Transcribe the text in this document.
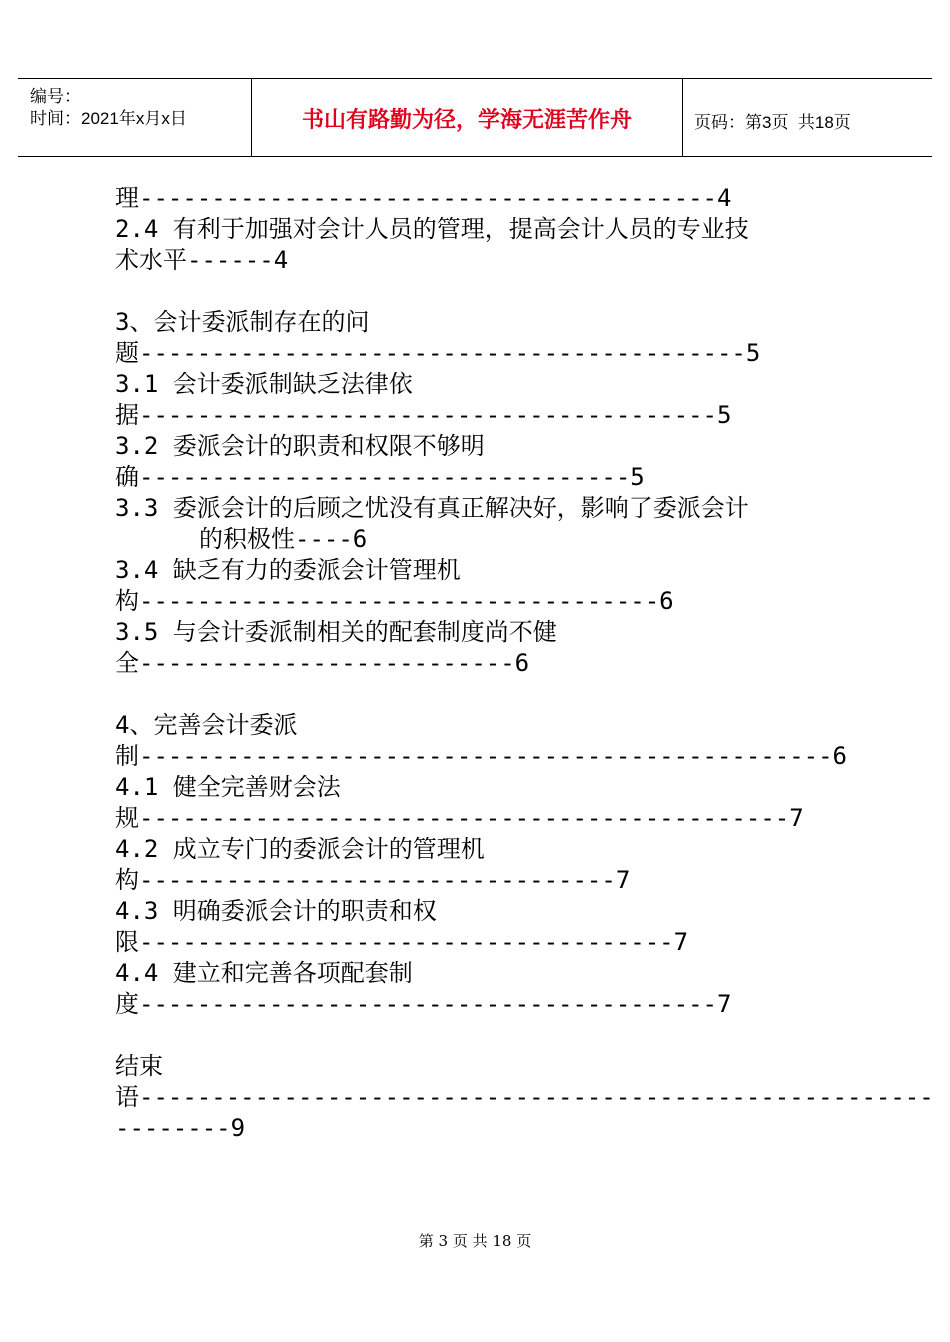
编号：
时间：2021年x月x日	书山有路勤为径，学海无涯苦作舟	页码：第3页  共18页
理----------------------------------------4
2.4 有利于加强对会计人员的管理，提高会计人员的专业技
术水平------4
3、会计委派制存在的问
题------------------------------------------5
3.1 会计委派制缺乏法律依
据----------------------------------------5
3.2 委派会计的职责和权限不够明
确----------------------------------5
3.3 委派会计的后顾之忧没有真正解决好，影响了委派会计
的积极性----6
3.4 缺乏有力的委派会计管理机
构------------------------------------6
3.5 与会计委派制相关的配套制度尚不健
全--------------------------6
4、完善会计委派
制------------------------------------------------6
4.1 健全完善财会法
规---------------------------------------------7
4.2 成立专门的委派会计的管理机
构---------------------------------7
4.3 明确委派会计的职责和权
限-------------------------------------7
4.4 建立和完善各项配套制
度----------------------------------------7
结束
语-------------------------------------------------------
--------9
第 3 页 共 18 页
